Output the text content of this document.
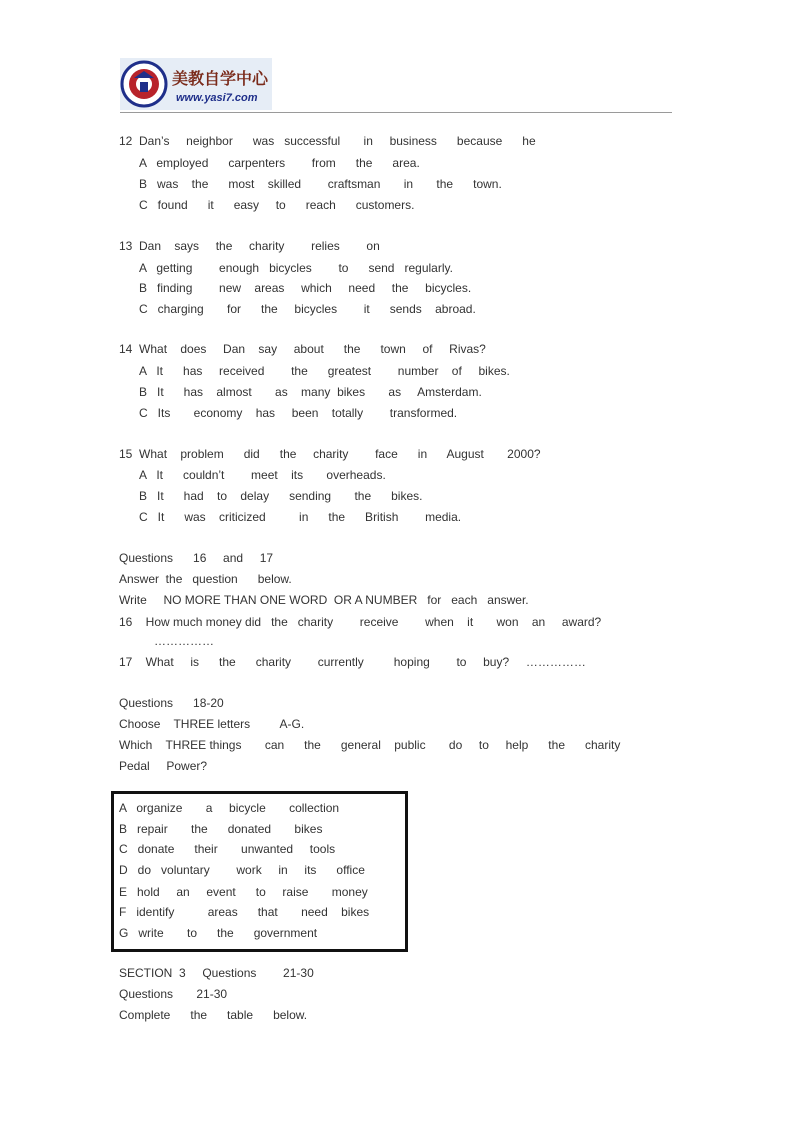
美教自学中心
www.yasi7.com
12  Dan’s     neighbor      was   successful       in     business      because      he
A   employed      carpenters        from      the      area.
B   was    the      most    skilled        craftsman       in       the      town.
C   found      it      easy     to      reach      customers.
13  Dan    says     the     charity        relies        on
A   getting        enough   bicycles        to      send   regularly.
B   finding        new    areas     which     need     the     bicycles.
C   charging       for      the     bicycles        it      sends    abroad.
14  What    does     Dan    say     about      the      town     of     Rivas?
A   It      has     received        the      greatest        number    of     bikes.
B   It      has    almost       as    many  bikes       as     Amsterdam.
C   Its       economy    has     been    totally        transformed.
15  What    problem      did      the     charity        face      in      August       2000?
A   It      couldn’t        meet    its       overheads.
B   It      had    to    delay      sending       the      bikes.
C   It      was    criticized          in      the      British        media.
Questions      16     and     17
Answer  the   question      below.
Write     NO MORE THAN ONE WORD  OR A NUMBER   for   each   answer.
16    How much money did   the   charity        receive        when    it       won    an     award?
……………
17    What     is      the      charity        currently         hoping        to     buy?     ……………
Questions      18-20
Choose    THREE letters         A-G.
Which    THREE things       can      the      general    public       do     to     help      the      charity
Pedal     Power?
A   organize       a     bicycle       collection
B   repair       the      donated       bikes
C   donate      their       unwanted     tools
D   do   voluntary        work     in     its      office
E   hold     an     event      to     raise       money
F   identify          areas      that       need    bikes
G   write       to      the      government
SECTION  3     Questions        21-30
Questions       21-30
Complete      the      table      below.
